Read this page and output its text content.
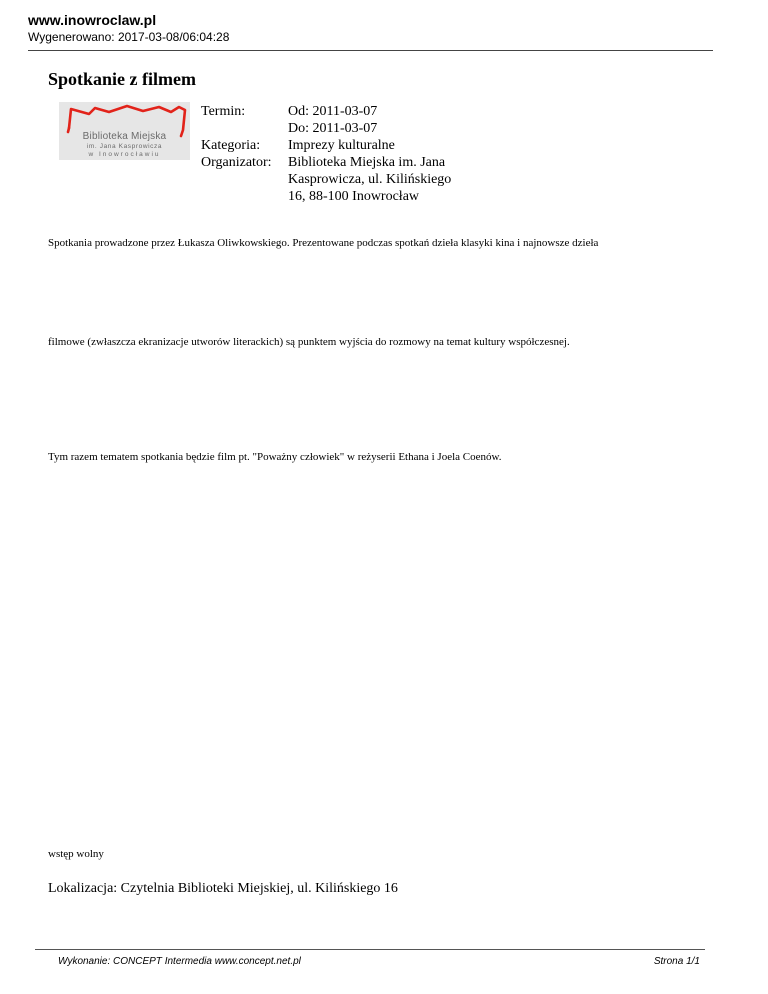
www.inowroclaw.pl
Wygenerowano: 2017-03-08/06:04:28
Spotkanie z filmem
Biblioteka Miejska
im. Jana Kasprowicza
w Inowrocławiu
Termin:	Od: 2011-03-07
Do: 2011-03-07
Kategoria:	Imprezy kulturalne
Organizator:	Biblioteka Miejska im. Jana Kasprowicza, ul. Kilińskiego 16, 88-100 Inowrocław

Spotkania prowadzone przez Łukasza Oliwkowskiego. Prezentowane podczas spotkań dzieła klasyki kina i najnowsze dzieła

filmowe (zwłaszcza ekranizacje utworów literackich) są punktem wyjścia do rozmowy na temat kultury współczesnej.

Tym razem tematem spotkania będzie film pt. "Poważny człowiek" w reżyserii Ethana i Joela Coenów.

wstęp wolny

Lokalizacja: Czytelnia Biblioteki Miejskiej, ul. Kilińskiego 16

Wykonanie: CONCEPT Intermedia www.concept.net.pl	Strona 1/1
